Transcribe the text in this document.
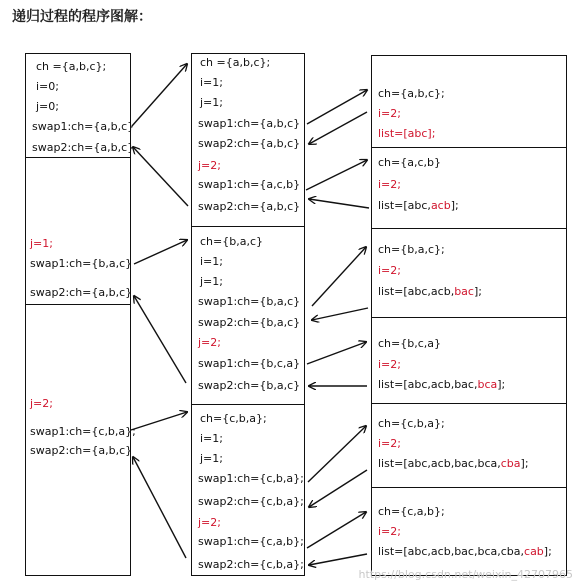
递归过程的程序图解：
ch ={a,b,c};
i=0;
j=0;
swap1:ch={a,b,c}
swap2:ch={a,b,c}
j=1;
swap1:ch={b,a,c}
swap2:ch={a,b,c}
j=2;
swap1:ch={c,b,a};
swap2:ch={a,b,c}
ch ={a,b,c};
i=1;
j=1;
swap1:ch={a,b,c}
swap2:ch={a,b,c}
j=2;
swap1:ch={a,c,b}
swap2:ch={a,b,c}
ch={b,a,c}
i=1;
j=1;
swap1:ch={b,a,c}
swap2:ch={b,a,c}
j=2;
swap1:ch={b,c,a}
swap2:ch={b,a,c}
ch={c,b,a};
i=1;
j=1;
swap1:ch={c,b,a};
swap2:ch={c,b,a};
j=2;
swap1:ch={c,a,b};
swap2:ch={c,b,a};
ch={a,b,c};
i=2;
list=[abc];
ch={a,c,b}
i=2;
list=[abc,acb];
ch={b,a,c};
i=2;
list=[abc,acb,bac];
ch={b,c,a}
i=2;
list=[abc,acb,bac,bca];
ch={c,b,a};
i=2;
list=[abc,acb,bac,bca,cba];
ch={c,a,b};
i=2;
list=[abc,acb,bac,bca,cba,cab];
https://blog.csdn.net/weixin_42707965
